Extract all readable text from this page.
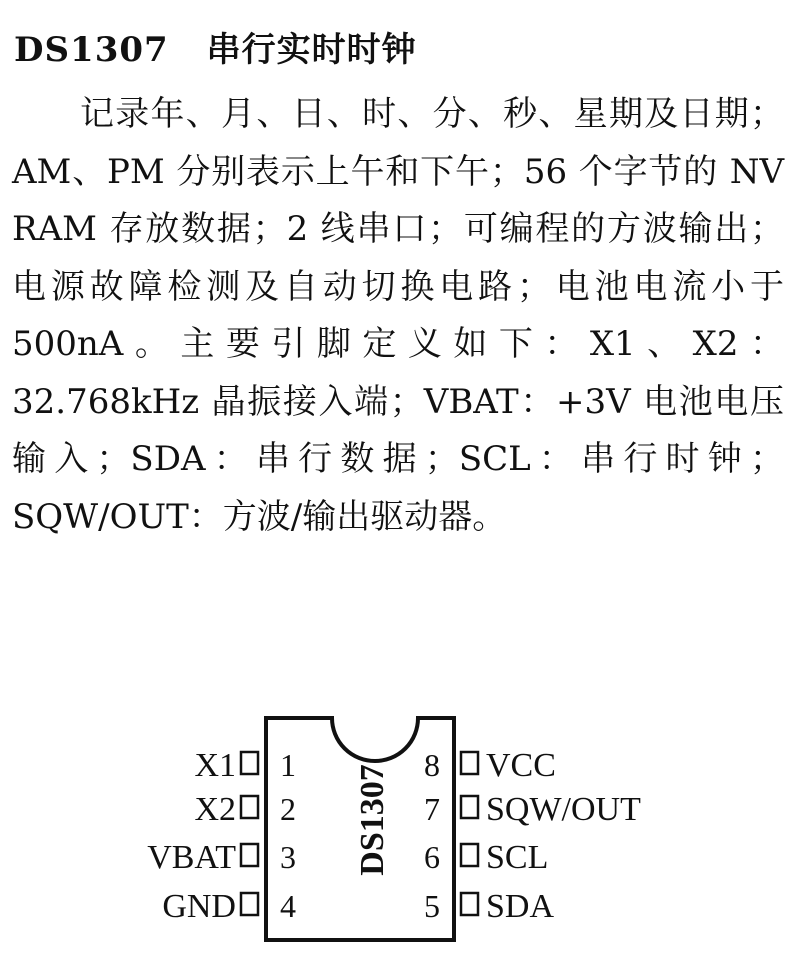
DS1307 串行实时时钟
记录年、月、日、时、分、秒、星期及日期；AM、PM 分别表示上午和下午；56 个字节的 NV RAM 存放数据；2 线串口；可编程的方波输出；电源故障检测及自动切换电路；电池电流小于 500nA。主要引脚定义如下：X1、X2：32.768kHz 晶振接入端；VBAT：+3V 电池电压输入；SDA：串行数据；SCL：串行时钟；SQW/OUT：方波/输出驱动器。
DS1307
X1 1
X2 2
VBAT 3
GND 4
8 VCC
7 SQW/OUT
6 SCL
5 SDA
